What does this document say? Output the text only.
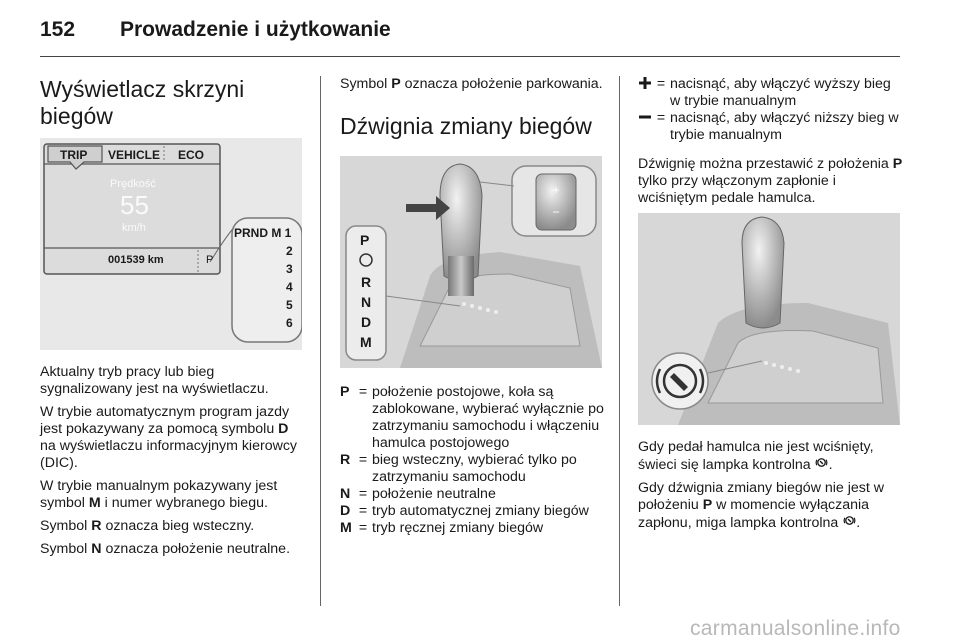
152 Prowadzenie i użytkowanie
Wyświetlacz skrzyni
biegów
TRIP VEHICLE ECO
Prędkość
55
km/h
001539 km	P
PRND M 1
2
3
4
5
6

Aktualny tryb pracy lub bieg sygnalizowany jest na wyświetlaczu.

W trybie automatycznym program jazdy jest pokazywany za pomocą symbolu D na wyświetlaczu informacyjnym kierowcy (DIC).

W trybie manualnym pokazywany jest symbol M i numer wybranego biegu.

Symbol R oznacza bieg wsteczny.

Symbol N oznacza położenie neutralne.

Symbol P oznacza położenie parkowania.

Dźwignia zmiany biegów
+
−
P
R
N
D
M
P = położenie postojowe, koła są zablokowane, wybierać wyłącznie po zatrzymaniu samochodu i włączeniu hamulca postojowego
R = bieg wsteczny, wybierać tylko po zatrzymaniu samochodu
N = położenie neutralne
D = tryb automatycznej zmiany biegów
M = tryb ręcznej zmiany biegów
= nacisnąć, aby włączyć wyższy bieg w trybie manualnym
= nacisnąć, aby włączyć niższy bieg w trybie manualnym

Dźwignię można przestawić z położenia P tylko przy włączonym zapłonie i wciśniętym pedale hamulca.

Gdy pedał hamulca nie jest wciśnięty, świeci się lampka kontrolna .

Gdy dźwignia zmiany biegów nie jest w położeniu P w momencie wyłączania zapłonu, miga lampka kontrolna .

carmanualsonline.info
